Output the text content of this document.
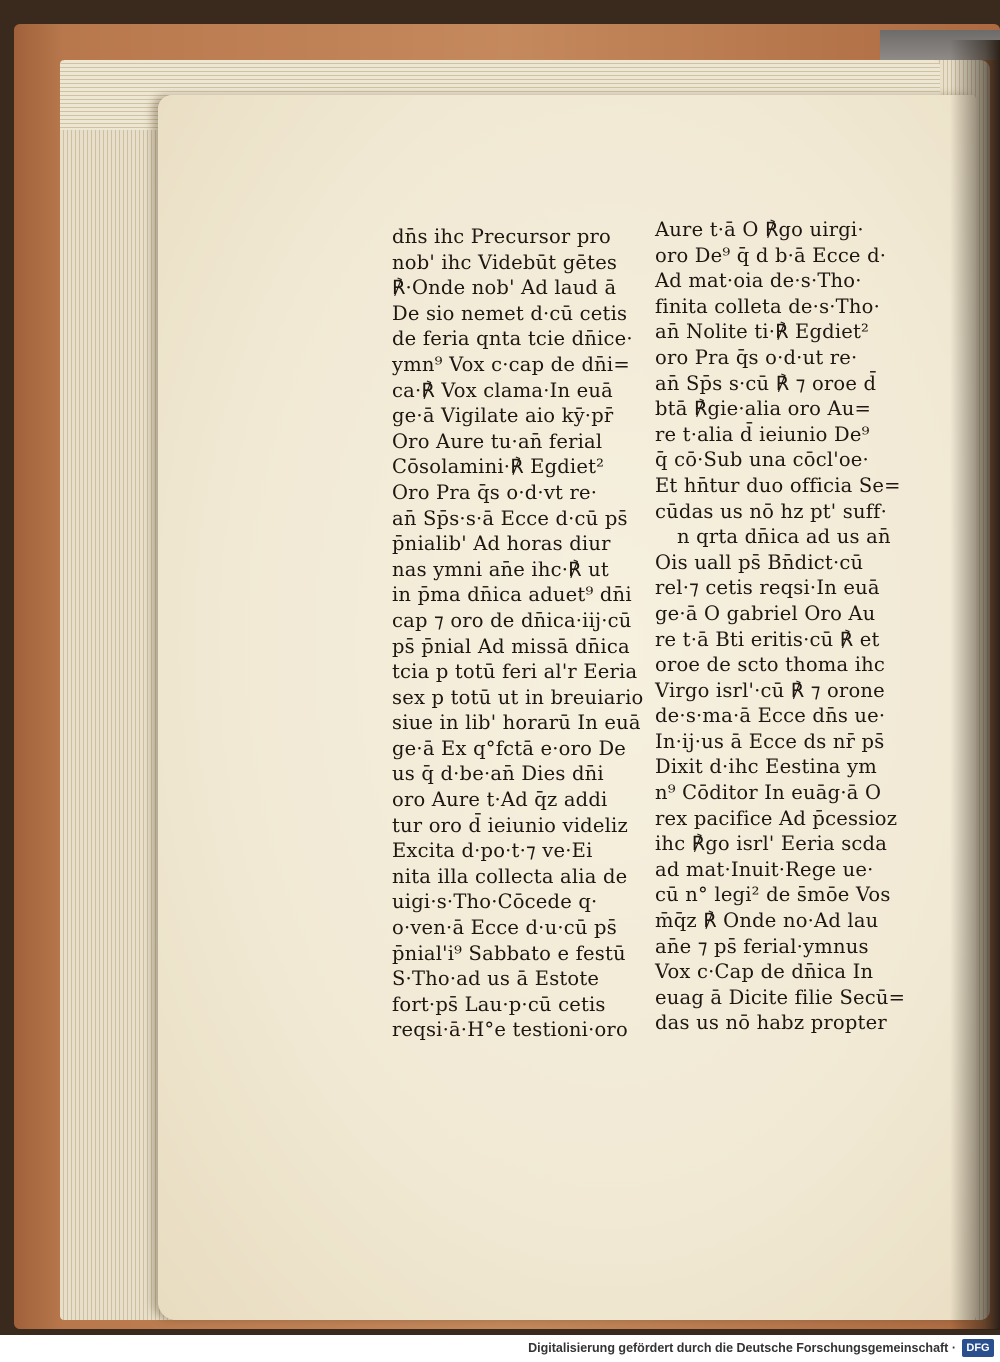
dn̄s ihc Precursor pro
nob' ihc Videbūt gētes
℟·Onde nob' Ad laud ā
De sio nemet d·cū cetis
de feria qnta tcie dn̄ice·
ymn⁹ Vox c·cap de dn̄i=
ca·℟ Vox clama·In euā
ge·ā Vigilate aio kȳ·pr̄
Oro Aure tu·an̄ ferial
Cōsolamini·℟ Egdiet²
Oro Pra q̄s o·d·vt re·
an̄ Sp̄s·s·ā Ecce d·cū ps̄
p̄nialib' Ad horas diur
nas ymni an̄e ihc·℟ ut
in p̄ma dn̄ica aduet⁹ dn̄i
cap ⁊ oro de dn̄ica·iij·cū
ps̄ p̄nial Ad missā dn̄ica
tcia p totū feri al'r Eeria
sex p totū ut in breuiario
siue in lib' horarū In euā
ge·ā Ex q°fctā e·oro De
us q̄ d·be·an̄ Dies dn̄i
oro Aure t·Ad q̄z addi
tur oro d̄ ieiunio videliz
Excita d·po·t·⁊ ve·Ei
nita illa collecta alia de
uigi·s·Tho·Cōcede q·
o·ven·ā Ecce d·u·cū ps̄
p̄nial'i⁹ Sabbato e festū
S·Tho·ad us ā Estote
fort·ps̄ Lau·p·cū cetis
reqsi·ā·H°e testioni·oro
Aure t·ā O ℟go uirgi·
oro De⁹ q̄ d b·ā Ecce d·
Ad mat·oia de·s·Tho·
finita colleta de·s·Tho·
an̄ Nolite ti·℟ Egdiet²
oro Pra q̄s o·d·ut re·
an̄ Sp̄s s·cū ℟ ⁊ oroe d̄
btā ℟gie·alia oro Au=
re t·alia d̄ ieiunio De⁹
q̄ cō·Sub una cōcl'oe·
Et hn̄tur duo officia Se=
cūdas us nō hz pt' suff·
n qrta dn̄ica ad us an̄
Ois uall ps̄ Bn̄dict·cū
rel·⁊ cetis reqsi·In euā
ge·ā O gabriel Oro Au
re t·ā Bti eritis·cū ℟ et
oroe de scto thoma ihc
Virgo isrl'·cū ℟ ⁊ orone
de·s·ma·ā Ecce dn̄s ue·
In·ij·us ā Ecce ds nr̄ ps̄
Dixit d·ihc Eestina ym
n⁹ Cōditor In euāg·ā O
rex pacifice Ad p̄cessioz
ihc ℟go isrl' Eeria scda
ad mat·Inuit·Rege ue·
cū n° legi² de s̄mōe Vos
m̄q̄z ℟ Onde no·Ad lau
an̄e ⁊ ps̄ ferial·ymnus
Vox c·Cap de dn̄ica In
euag ā Dicite filie Secū=
das us nō habz propter
Digitalisierung gefördert durch die Deutsche Forschungsgemeinschaft · DFG
